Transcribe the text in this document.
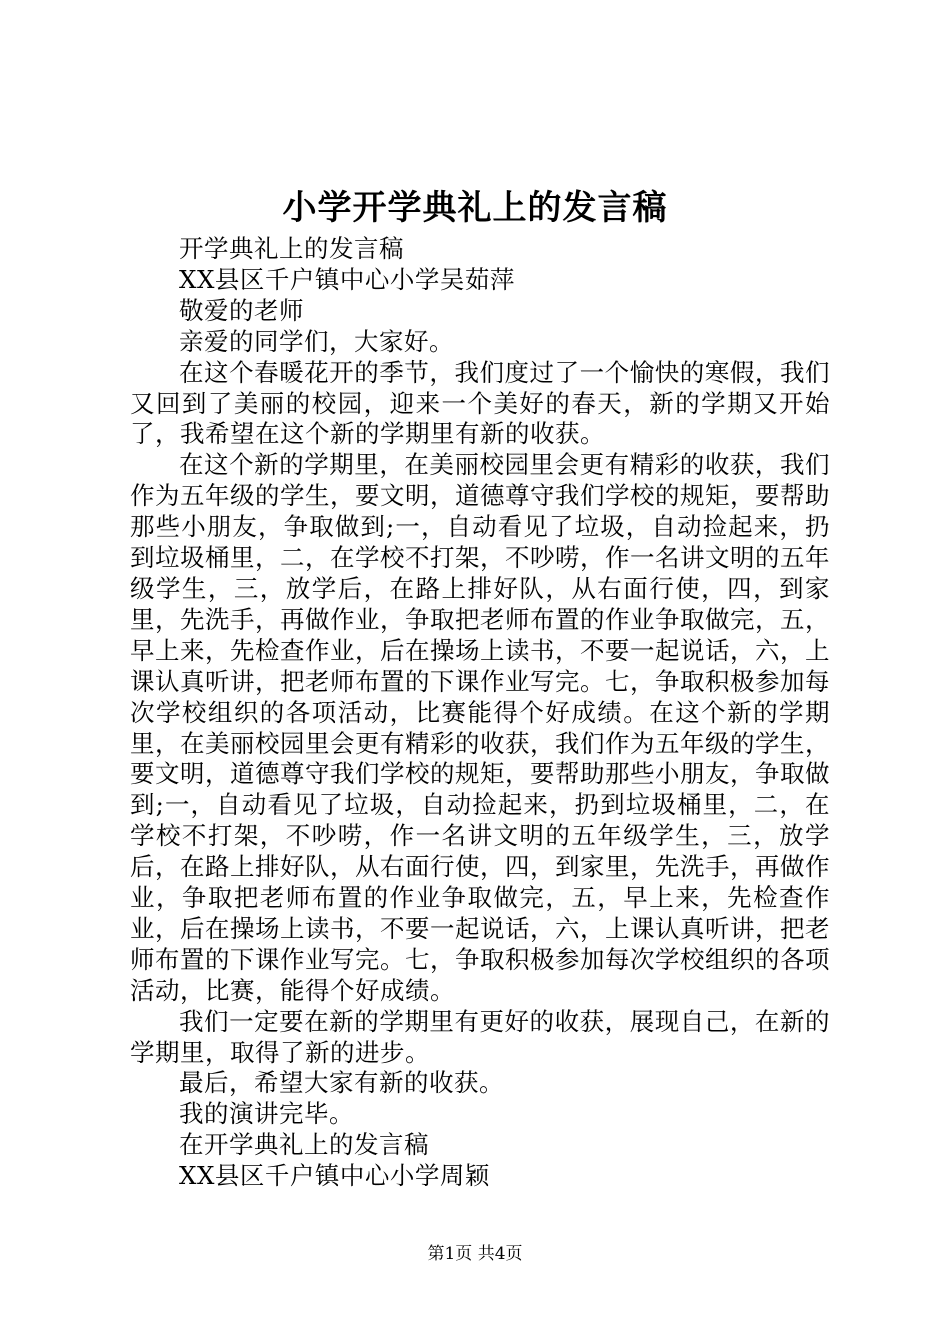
小学开学典礼上的发言稿

开学典礼上的发言稿

XX县区千户镇中心小学吴茹萍

敬爱的老师

亲爱的同学们，大家好。

在这个春暖花开的季节，我们度过了一个愉快的寒假，我们又回到了美丽的校园，迎来一个美好的春天，新的学期又开始了，我希望在这个新的学期里有新的收获。

在这个新的学期里，在美丽校园里会更有精彩的收获，我们作为五年级的学生，要文明，道德尊守我们学校的规矩，要帮助那些小朋友，争取做到;一，自动看见了垃圾，自动捡起来，扔到垃圾桶里，二，在学校不打架，不吵唠，作一名讲文明的五年级学生，三，放学后，在路上排好队，从右面行使，四，到家里，先洗手，再做作业，争取把老师布置的作业争取做完，五，早上来，先检查作业，后在操场上读书，不要一起说话，六，上课认真听讲，把老师布置的下课作业写完。七，争取积极参加每次学校组织的各项活动，比赛能得个好成绩。在这个新的学期里，在美丽校园里会更有精彩的收获，我们作为五年级的学生，要文明，道德尊守我们学校的规矩，要帮助那些小朋友，争取做到;一，自动看见了垃圾，自动捡起来，扔到垃圾桶里，二，在学校不打架，不吵唠，作一名讲文明的五年级学生，三，放学后，在路上排好队，从右面行使，四，到家里，先洗手，再做作业，争取把老师布置的作业争取做完，五，早上来，先检查作业，后在操场上读书，不要一起说话，六，上课认真听讲，把老师布置的下课作业写完。七，争取积极参加每次学校组织的各项活动，比赛，能得个好成绩。

我们一定要在新的学期里有更好的收获，展现自己，在新的学期里，取得了新的进步。

最后，希望大家有新的收获。

我的演讲完毕。

在开学典礼上的发言稿

XX县区千户镇中心小学周颖

第1页 共4页
